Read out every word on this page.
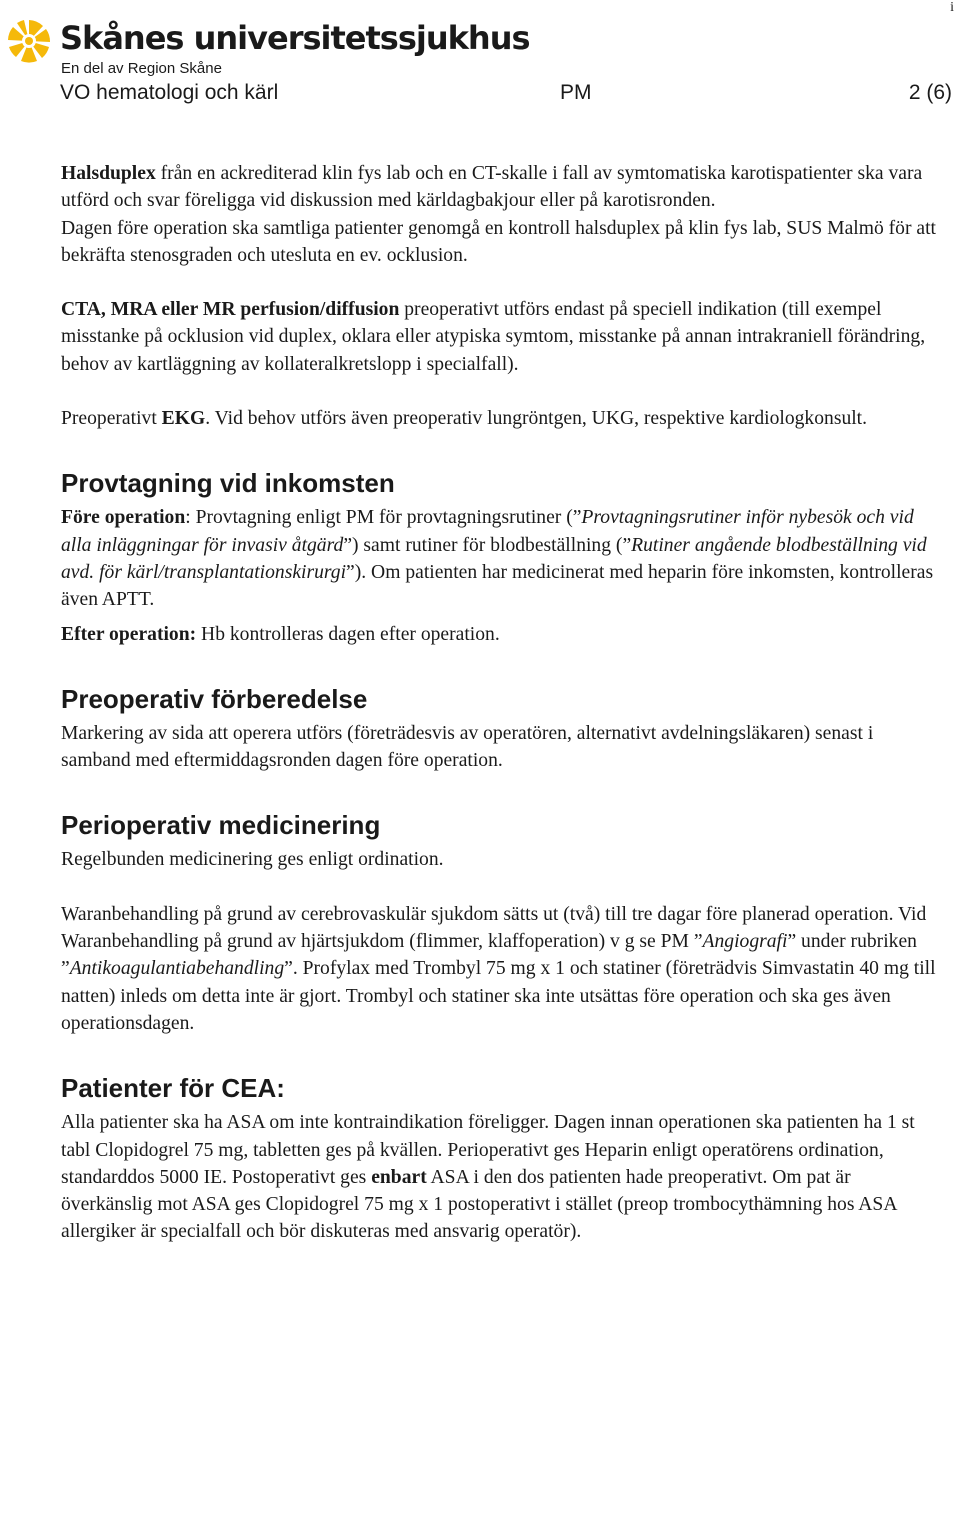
i
Skånes universitetssjukhus
En del av Region Skåne
VO hematologi och kärl	PM	2 (6)

Halsduplex från en ackrediterad klin fys lab och en CT-skalle i fall av symtomatiska karotispatienter ska vara utförd och svar föreligga vid diskussion med kärldagbakjour eller på karotisronden.

Dagen före operation ska samtliga patienter genomgå en kontroll halsduplex på klin fys lab, SUS Malmö för att bekräfta stenosgraden och utesluta en ev. ocklusion.

CTA, MRA eller MR perfusion/diffusion preoperativt utförs endast på speciell indikation (till exempel misstanke på ocklusion vid duplex, oklara eller atypiska symtom, misstanke på annan intrakraniell förändring, behov av kartläggning av kollateralkretslopp i specialfall).

Preoperativt EKG. Vid behov utförs även preoperativ lungröntgen, UKG, respektive kardiologkonsult.

Provtagning vid inkomsten

Före operation: Provtagning enligt PM för provtagningsrutiner (”Provtagningsrutiner inför nybesök och vid alla inläggningar för invasiv åtgärd”) samt rutiner för blodbeställning (”Rutiner angående blodbeställning vid avd. för kärl/transplantationskirurgi”). Om patienten har medicinerat med heparin före inkomsten, kontrolleras även APTT.

Efter operation: Hb kontrolleras dagen efter operation.

Preoperativ förberedelse

Markering av sida att operera utförs (företrädesvis av operatören, alternativt avdelningsläkaren) senast i samband med eftermiddagsronden dagen före operation.

Perioperativ medicinering

Regelbunden medicinering ges enligt ordination.

Waranbehandling på grund av cerebrovaskulär sjukdom sätts ut (två) till tre dagar före planerad operation. Vid Waranbehandling på grund av hjärtsjukdom (flimmer, klaffoperation) v g se PM ”Angiografi” under rubriken ”Antikoagulantiabehandling”. Profylax med Trombyl 75 mg x 1 och statiner (företrädvis Simvastatin 40 mg till natten) inleds om detta inte är gjort. Trombyl och statiner ska inte utsättas före operation och ska ges även operationsdagen.

Patienter för CEA:

Alla patienter ska ha ASA om inte kontraindikation föreligger. Dagen innan operationen ska patienten ha 1 st tabl Clopidogrel 75 mg, tabletten ges på kvällen. Perioperativt ges Heparin enligt operatörens ordination, standarddos 5000 IE. Postoperativt ges enbart ASA i den dos patienten hade preoperativt. Om pat är överkänslig mot ASA ges Clopidogrel 75 mg x 1 postoperativt i stället (preop trombocythämning hos ASA allergiker är specialfall och bör diskuteras med ansvarig operatör).
